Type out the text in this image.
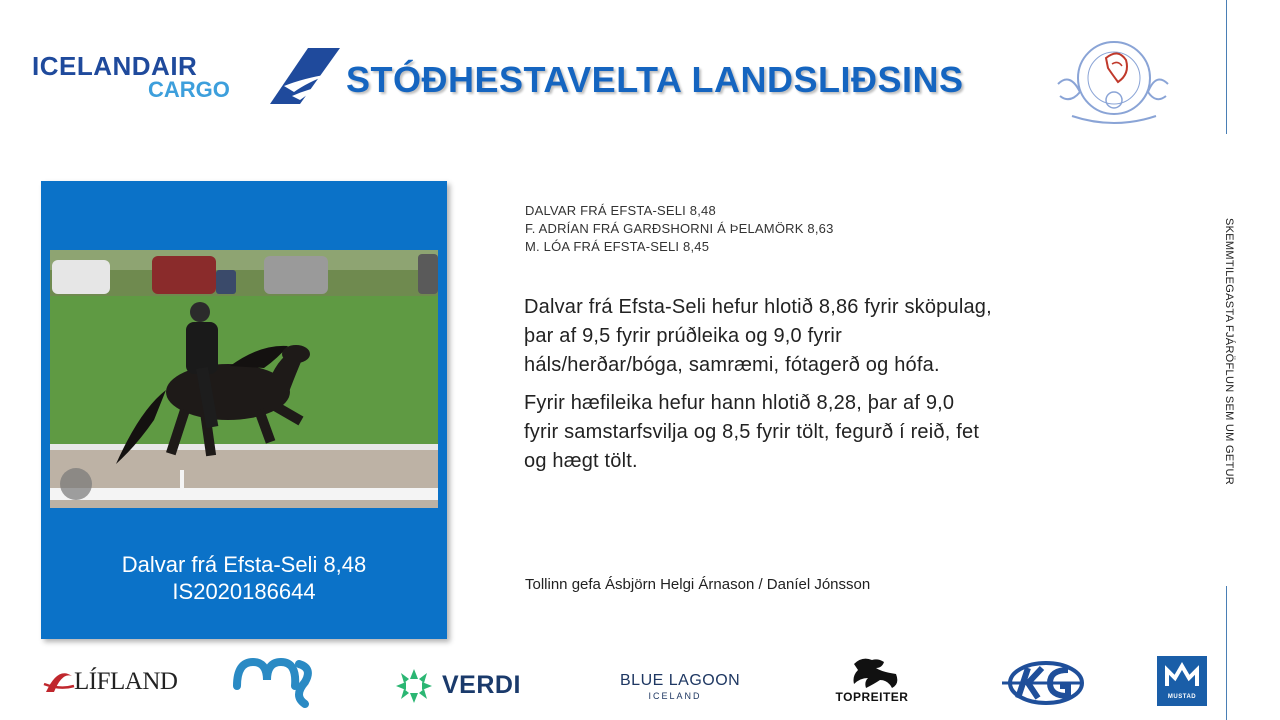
ICELANDAIR
CARGO	STÓÐHESTAVELTA LANDSLIÐSINS
SKEMMTILEGASTA FJÁRÖFLUN SEM UM GETUR
Dalvar frá Efsta-Seli 8,48
IS2020186644
DALVAR FRÁ EFSTA-SELI 8,48
F. ADRÍAN FRÁ GARÐSHORNI Á ÞELAMÖRK 8,63
M. LÓA FRÁ EFSTA-SELI 8,45

Dalvar frá Efsta-Seli hefur hlotið 8,86 fyrir sköpulag, þar af 9,5 fyrir prúðleika og 9,0 fyrir háls/herðar/bóga, samræmi, fótagerð og hófa.

Fyrir hæfileika hefur hann hlotið 8,28, þar af 9,0 fyrir samstarfsvilja og 8,5 fyrir tölt, fegurð í reið, fet og hægt tölt.

Tollinn gefa Ásbjörn Helgi Árnason / Daníel Jónsson
LÍFLAND	VERDI	BLUE LAGOON
ICELAND	TOPREITER	MUSTAD
